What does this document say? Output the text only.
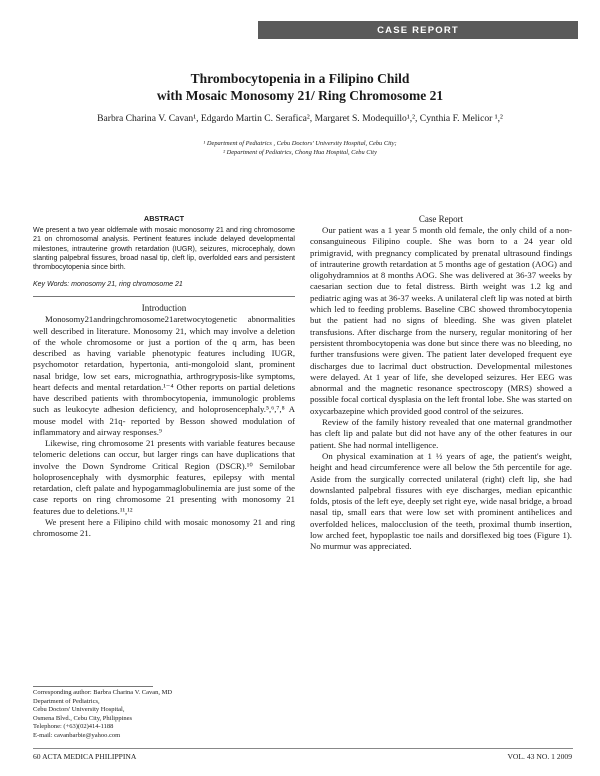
CASE REPORT
Thrombocytopenia in a Filipino Child
with Mosaic Monosomy 21/ Ring Chromosome 21
Barbra Charina V. Cavan¹, Edgardo Martin C. Serafica², Margaret S. Modequillo¹,², Cynthia F. Melicor ¹,²
¹ Department of Pediatrics , Cebu Doctors' University Hospital, Cebu City;
² Department of Pediatrics, Chong Hua Hospital, Cebu City
ABSTRACT
We present a two year oldfemale with mosaic monosomy 21 and ring chromosome 21 on chromosomal analysis. Pertinent features include delayed developmental milestones, intrauterine growth retardation (IUGR), seizures, microcephaly, down slanting palpebral fissures, broad nasal tip, cleft lip, overfolded ears and persistent thrombocytopenia since birth.
Key Words: monosomy 21, ring chromosome 21
Introduction

Monosomy21andringchromosome21aretwocytogenetic abnormalities well described in literature. Monosomy 21, which may involve a deletion of the whole chromosome or just a portion of the q arm, has been described as having variable phenotypic features including IUGR, psychomotor retardation, hypertonia, anti-mongoloid slant, prominent nasal bridge, low set ears, micrognathia, arthrogryposis-like symptoms, heart defects and mental retardation.¹⁻⁴ Other reports on partial deletions have described patients with thrombocytopenia, immunologic problems such as leukocyte adhesion deficiency, and holoprosencephaly.⁵,⁶,⁷,⁸ A mouse model with 21q- reported by Besson showed modulation of inflammatory and airway responses.⁹

Likewise, ring chromosome 21 presents with variable features because telomeric deletions can occur, but larger rings can have duplications that involve the Down Syndrome Critical Region (DSCR).¹⁰ Semilobar holoprosencephaly with dysmorphic features, epilepsy with mental retardation, cleft palate and hypogammaglobulinemia are just some of the case reports on ring chromosome 21 presenting with monosomy 21 features due to deletions.¹¹,¹²

We present here a Filipino child with mosaic monosomy 21 and ring chromosome 21.

Case Report

Our patient was a 1 year 5 month old female, the only child of a non-consanguineous Filipino couple. She was born to a 24 year old primigravid, with pregnancy complicated by prenatal ultrasound findings of intrauterine growth retardation at 5 months age of gestation (AOG) and oligohydramnios at 8 months AOG. She was delivered at 36-37 weeks by caesarian section due to fetal distress. Birth weight was 1.2 kg and pediatric aging was at 36-37 weeks. A unilateral cleft lip was noted at birth which led to feeding problems. Baseline CBC showed thrombocytopenia but the patient had no signs of bleeding. She was given platelet transfusions. After discharge from the nursery, regular monitoring of her persistent thrombocytopenia was done but since there was no bleeding, no further transfusions were given. The patient later developed frequent eye discharges due to lacrimal duct obstruction. Developmental milestones were delayed. At 1 year of life, she developed seizures. Her EEG was abnormal and the magnetic resonance spectroscopy (MRS) showed a possible focal cortical dysplasia on the left frontal lobe. She was started on oxycarbazepine which provided good control of the seizures.

Review of the family history revealed that one maternal grandmother has cleft lip and palate but did not have any of the other features in our patient. She had normal intelligence.

On physical examination at 1 ½ years of age, the patient's weight, height and head circumference were all below the 5th percentile for age. Aside from the surgically corrected unilateral (right) cleft lip, she had downslanted palpebral fissures with eye discharges, median epicanthic folds, ptosis of the left eye, deeply set right eye, wide nasal bridge, a broad nasal tip, small ears that were low set with prominent antihelices and overfolded helices, malocclusion of the teeth, proximal thumb insertion, low arched feet, hypoplastic toe nails and dorsiflexed big toes (Figure 1). No murmur was appreciated.

Corresponding author: Barbra Charina V. Cavan, MD
Department of Pediatrics,
Cebu Doctors' University Hospital,
Osmena Blvd., Cebu City, Philippines
Telephone: (+63)(02)414-1188
E-mail: cavanbarbie@yahoo.com
60 ACTA MEDICA PHILIPPINA	VOL. 43 NO. 1 2009
